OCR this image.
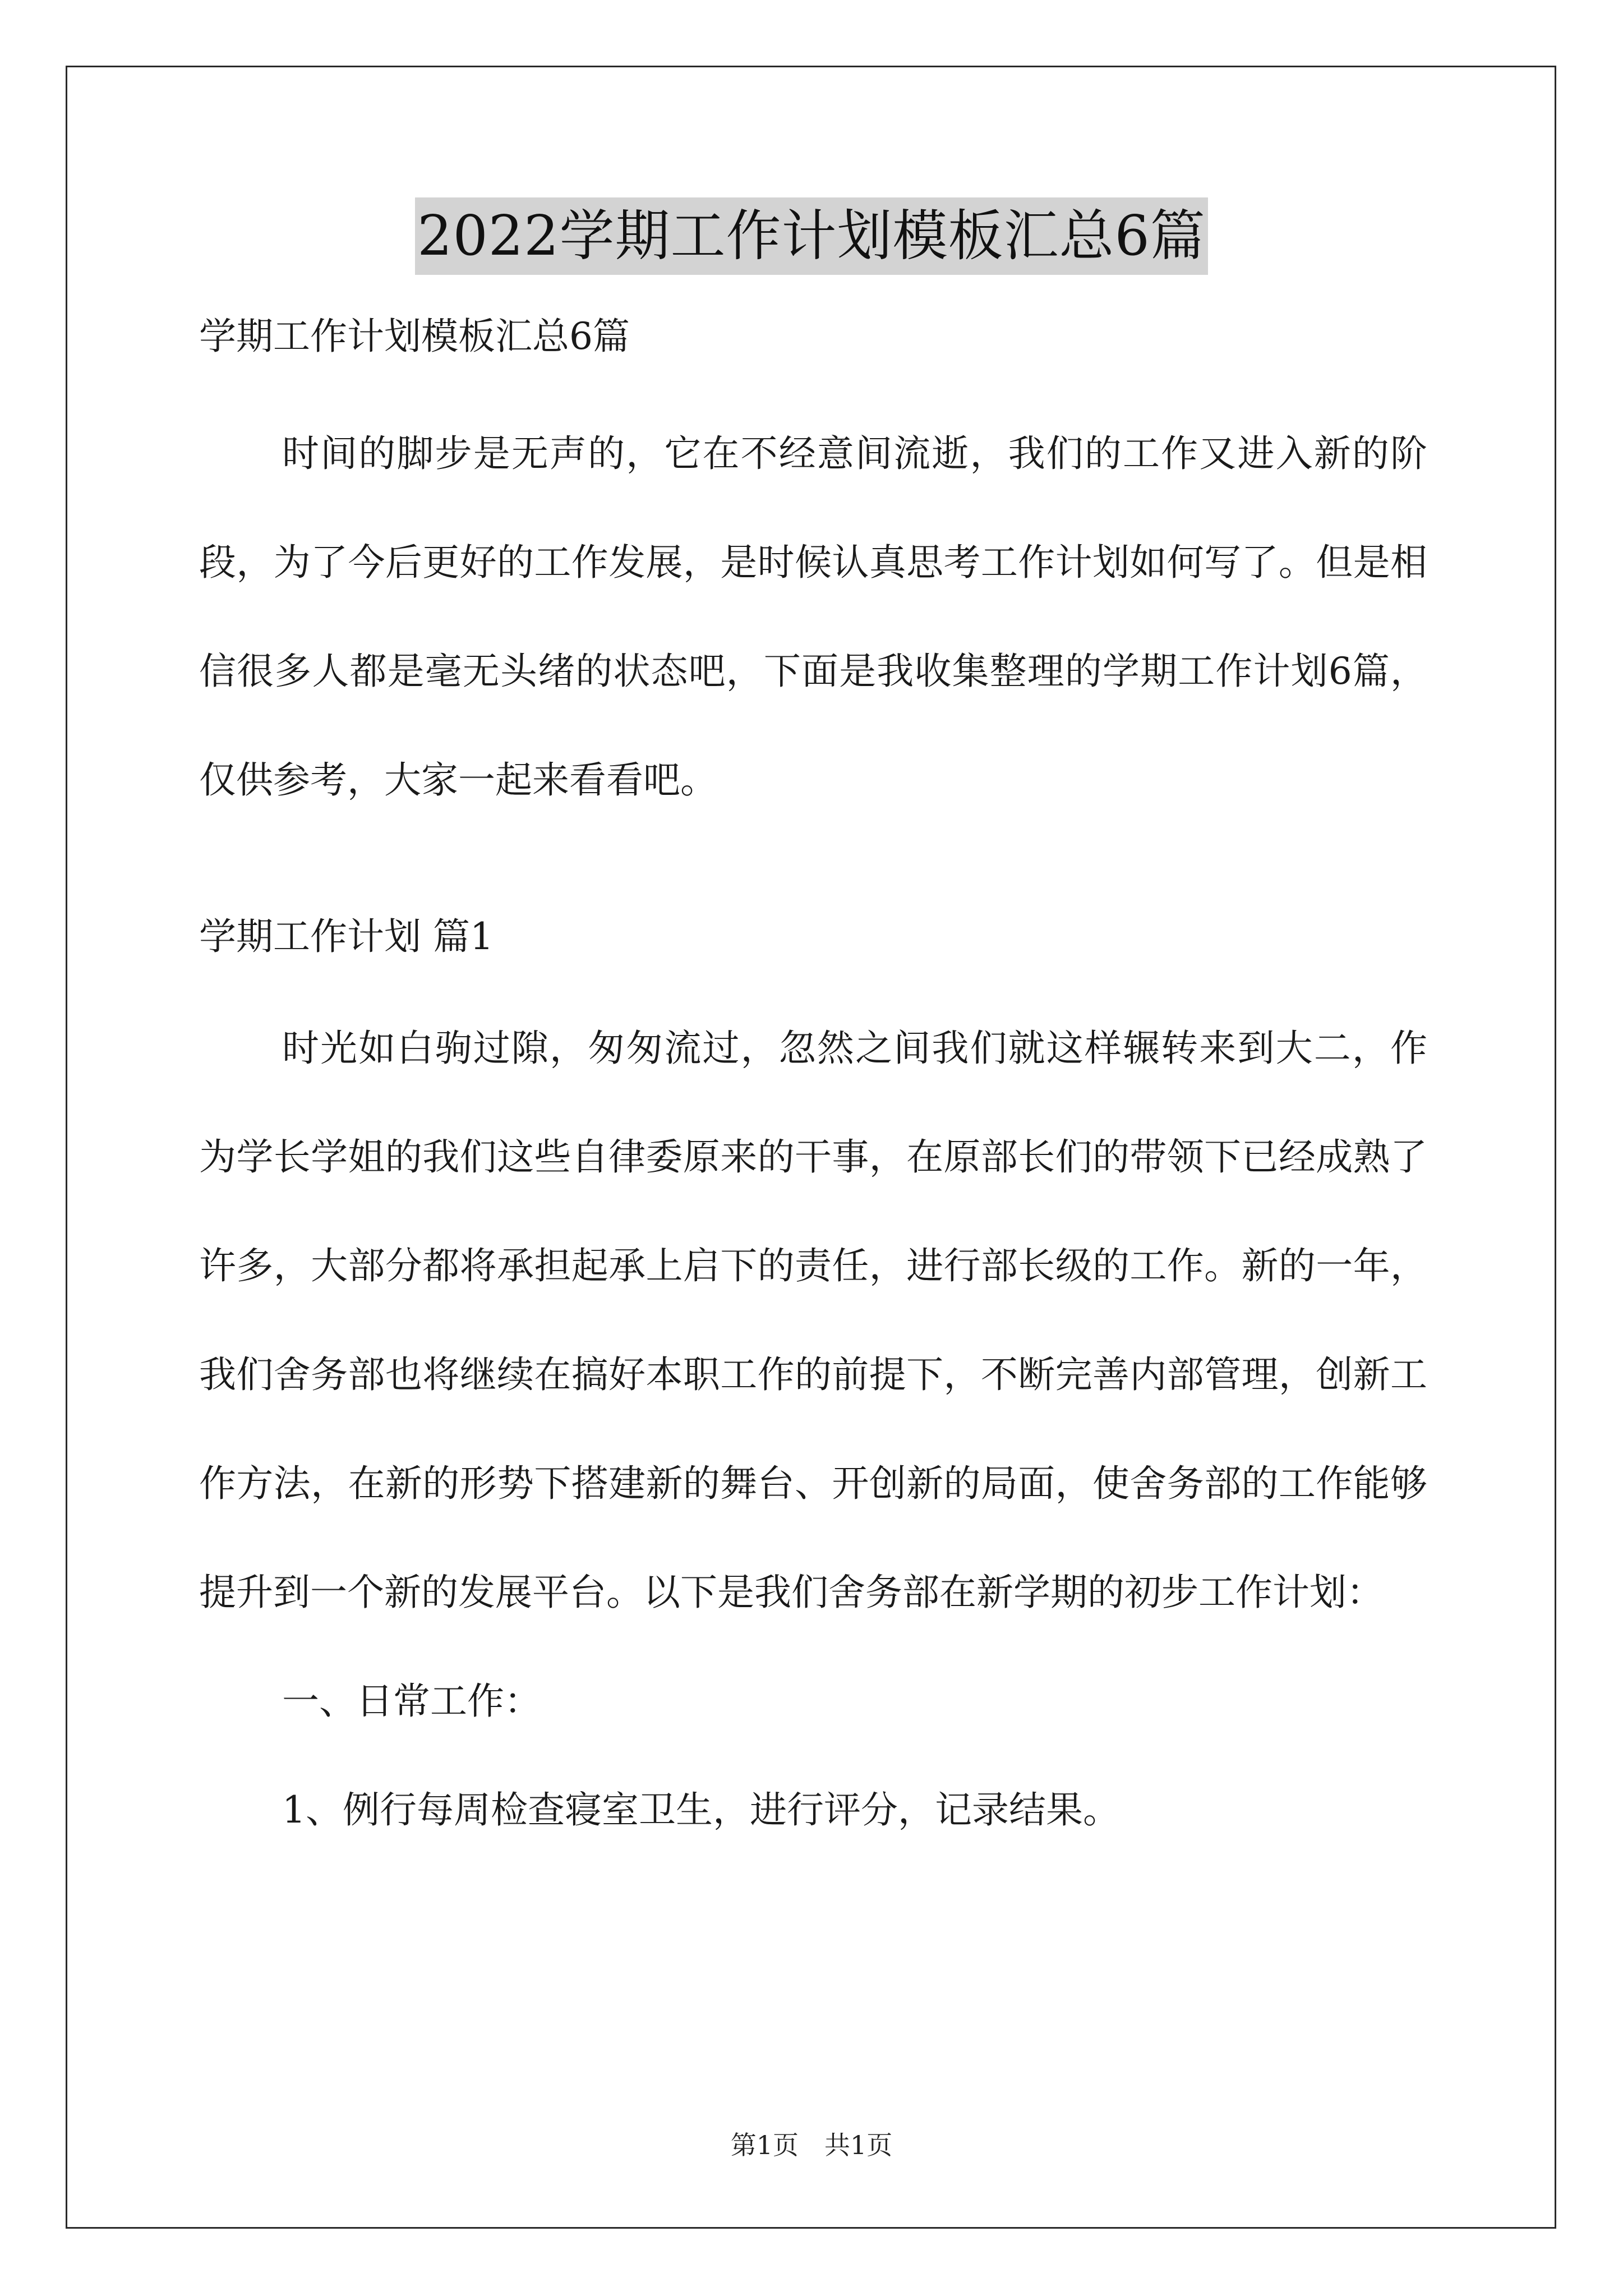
2022学期工作计划模板汇总6篇
学期工作计划模板汇总6篇

时间的脚步是无声的，它在不经意间流逝，我们的工作又进入新的阶段，为了今后更好的工作发展，是时候认真思考工作计划如何写了。但是相信很多人都是毫无头绪的状态吧，下面是我收集整理的学期工作计划6篇，仅供参考，大家一起来看看吧。

学期工作计划 篇1

时光如白驹过隙，匆匆流过，忽然之间我们就这样辗转来到大二，作为学长学姐的我们这些自律委原来的干事，在原部长们的带领下已经成熟了许多，大部分都将承担起承上启下的责任，进行部长级的工作。新的一年，我们舍务部也将继续在搞好本职工作的前提下，不断完善内部管理，创新工作方法，在新的形势下搭建新的舞台、开创新的局面，使舍务部的工作能够提升到一个新的发展平台。以下是我们舍务部在新学期的初步工作计划：

一、日常工作：

1、例行每周检查寝室卫生，进行评分，记录结果。

第1页 共1页
